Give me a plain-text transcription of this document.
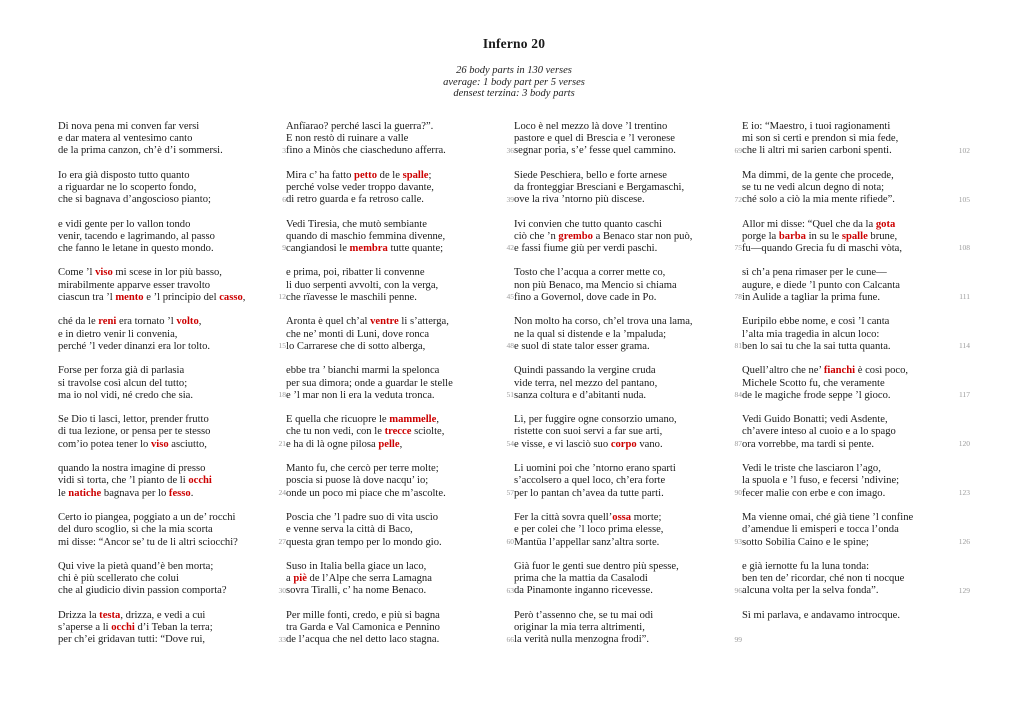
Inferno 20
26 body parts in 130 verses
average: 1 body part per 5 verses
densest terzina: 3 body parts
Di nova pena mi conven far versi
e dar matera al ventesimo canto
de la prima canzon, ch’è d’i sommersi.	3
Io era già disposto tutto quanto
a riguardar ne lo scoperto fondo,
che si bagnava d’angoscioso pianto;	6
e vidi gente per lo vallon tondo
venir, tacendo e lagrimando, al passo
che fanno le letane in questo mondo.	9
Come ’l viso mi scese in lor più basso,
mirabilmente apparve esser travolto
ciascun tra ’l mento e ’l principio del casso,	12
ché da le reni era tornato ’l volto,
e in dietro venir li convenia,
perché ’l veder dinanzi era lor tolto.	15
Forse per forza già di parlasia
si travolse così alcun del tutto;
ma io nol vidi, né credo che sia.	18
Se Dio ti lasci, lettor, prender frutto
di tua lezione, or pensa per te stesso
com’io potea tener lo viso asciutto,	21
quando la nostra imagine di presso
vidi sì torta, che ’l pianto de li occhi
le natiche bagnava per lo fesso.	24
Certo io piangea, poggiato a un de’ rocchi
del duro scoglio, sì che la mia scorta
mi disse: “Ancor se’ tu de li altri sciocchi?	27
Qui vive la pietà quand’è ben morta;
chi è più scellerato che colui
che al giudicio divin passion comporta?	30
Drizza la testa, drizza, e vedi a cui
s’aperse a li occhi d’i Teban la terra;
per ch’ei gridavan tutti: “Dove rui,	33
Anfïarao? perché lasci la guerra?”.
E non restò di ruinare a valle
fino a Minòs che ciascheduno afferra.	36
Mira c’ ha fatto petto de le spalle;
perché volse veder troppo davante,
di retro guarda e fa retroso calle.	39
Vedi Tiresia, che mutò sembiante
quando di maschio femmina divenne,
cangiandosi le membra tutte quante;	42
e prima, poi, ribatter li convenne
li duo serpenti avvolti, con la verga,
che rïavesse le maschili penne.	45
Aronta è quel ch’al ventre li s’atterga,
che ne’ monti di Luni, dove ronca
lo Carrarese che di sotto alberga,	48
ebbe tra ’ bianchi marmi la spelonca
per sua dimora; onde a guardar le stelle
e ’l mar non li era la veduta tronca.	51
E quella che ricuopre le mammelle,
che tu non vedi, con le trecce sciolte,
e ha di là ogne pilosa pelle,	54
Manto fu, che cercò per terre molte;
poscia si puose là dove nacqu’ io;
onde un poco mi piace che m’ascolte.	57
Poscia che ’l padre suo di vita uscìo
e venne serva la città di Baco,
questa gran tempo per lo mondo gio.	60
Suso in Italia bella giace un laco,
a piè de l’Alpe che serra Lamagna
sovra Tiralli, c’ ha nome Benaco.	63
Per mille fonti, credo, e più si bagna
tra Garda e Val Camonica e Pennino
de l’acqua che nel detto laco stagna.	66
Loco è nel mezzo là dove ’l trentino
pastore e quel di Brescia e ’l veronese
segnar poria, s’e’ fesse quel cammino.	69
Siede Peschiera, bello e forte arnese
da fronteggiar Bresciani e Bergamaschi,
ove la riva ’ntorno più discese.	72
Ivi convien che tutto quanto caschi
ciò che ’n grembo a Benaco star non può,
e fassi fiume giù per verdi paschi.	75
Tosto che l’acqua a correr mette co,
non più Benaco, ma Mencio si chiama
fino a Governol, dove cade in Po.	78
Non molto ha corso, ch’el trova una lama,
ne la qual si distende e la ’mpaluda;
e suol di state talor esser grama.	81
Quindi passando la vergine cruda
vide terra, nel mezzo del pantano,
sanza coltura e d’abitanti nuda.	84
Lì, per fuggire ogne consorzio umano,
ristette con suoi servi a far sue arti,
e visse, e vi lasciò suo corpo vano.	87
Li uomini poi che ’ntorno erano sparti
s’accolsero a quel loco, ch’era forte
per lo pantan ch’avea da tutte parti.	90
Fer la città sovra quell’ossa morte;
e per colei che ’l loco prima elesse,
Mantüa l’appellar sanz’altra sorte.	93
Già fuor le genti sue dentro più spesse,
prima che la mattia da Casalodi
da Pinamonte inganno ricevesse.	96
Però t’assenno che, se tu mai odi
originar la mia terra altrimenti,
la verità nulla menzogna frodi”.	99
E io: “Maestro, i tuoi ragionamenti
mi son sì certi e prendon sì mia fede,
che li altri mi sarien carboni spenti.	102
Ma dimmi, de la gente che procede,
se tu ne vedi alcun degno di nota;
ché solo a ciò la mia mente rifiede”.	105
Allor mi disse: “Quel che da la gota
porge la barba in su le spalle brune,
fu—quando Grecia fu di maschi vòta,	108
sì ch’a pena rimaser per le cune—
augure, e diede ’l punto con Calcanta
in Aulide a tagliar la prima fune.	111
Euripilo ebbe nome, e così ’l canta
l’alta mia tragedìa in alcun loco:
ben lo sai tu che la sai tutta quanta.	114
Quell’altro che ne’ fianchi è così poco,
Michele Scotto fu, che veramente
de le magiche frode seppe ’l gioco.	117
Vedi Guido Bonatti; vedi Asdente,
ch’avere inteso al cuoio e a lo spago
ora vorrebbe, ma tardi si pente.	120
Vedi le triste che lasciaron l’ago,
la spuola e ’l fuso, e fecersi ’ndivine;
fecer malie con erbe e con imago.	123
Ma vienne omai, ché già tiene ’l confine
d’amendue li emisperi e tocca l’onda
sotto Sobilia Caino e le spine;	126
e già iernotte fu la luna tonda:
ben ten de’ ricordar, ché non ti nocque
alcuna volta per la selva fonda”.	129
Sì mi parlava, e andavamo introcque.
